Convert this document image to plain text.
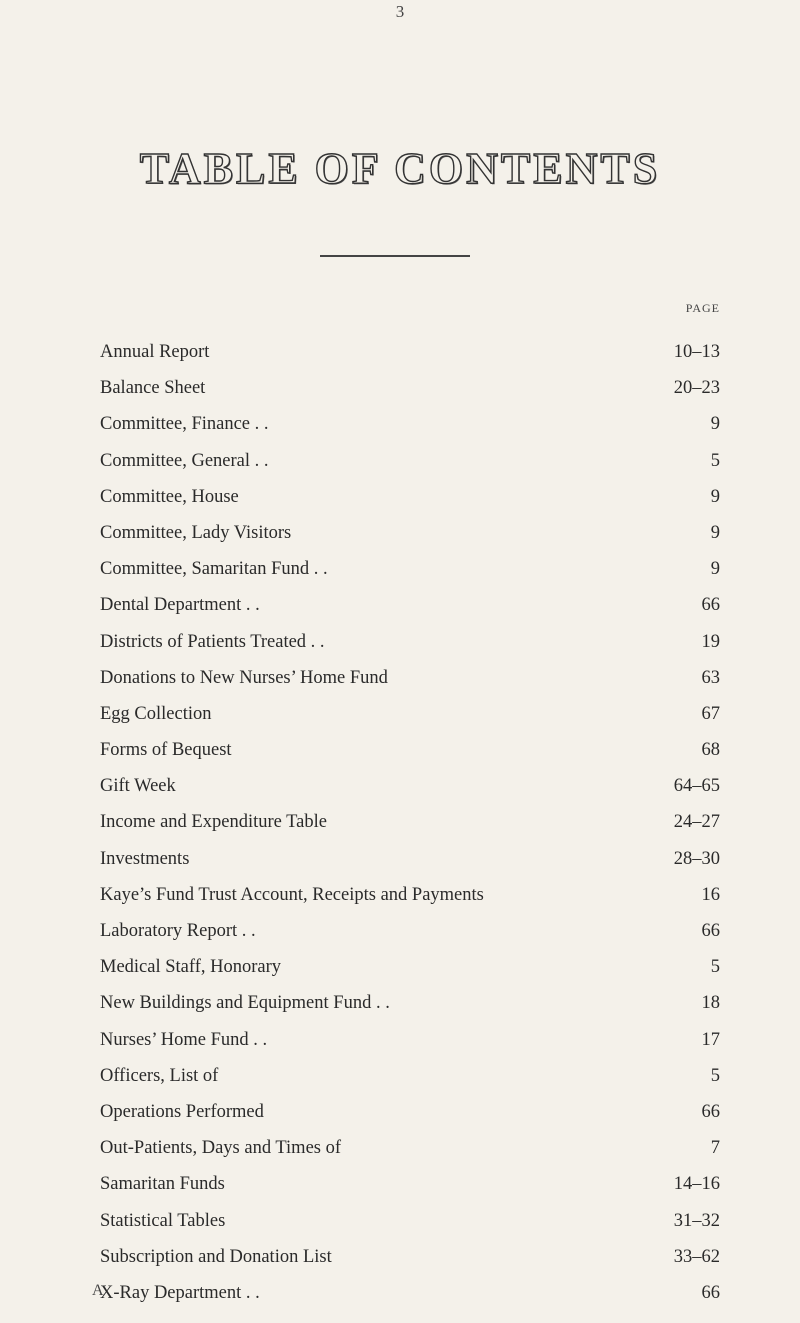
3
TABLE OF CONTENTS
PAGE
Annual Report	10–13
Balance Sheet	20–23
Committee, Finance . .	9
Committee, General . .	5
Committee, House	9
Committee, Lady Visitors	9
Committee, Samaritan Fund . .	9
Dental Department . .	66
Districts of Patients Treated . .	19
Donations to New Nurses’ Home Fund	63
Egg Collection	67
Forms of Bequest	68
Gift Week	64–65
Income and Expenditure Table	24–27
Investments	28–30
Kaye’s Fund Trust Account, Receipts and Payments	16
Laboratory Report . .	66
Medical Staff, Honorary	5
New Buildings and Equipment Fund . .	18
Nurses’ Home Fund . .	17
Officers, List of	5
Operations Performed	66
Out-Patients, Days and Times of	7
Samaritan Funds	14–16
Statistical Tables	31–32
Subscription and Donation List	33–62
X-Ray Department . .	66
A
